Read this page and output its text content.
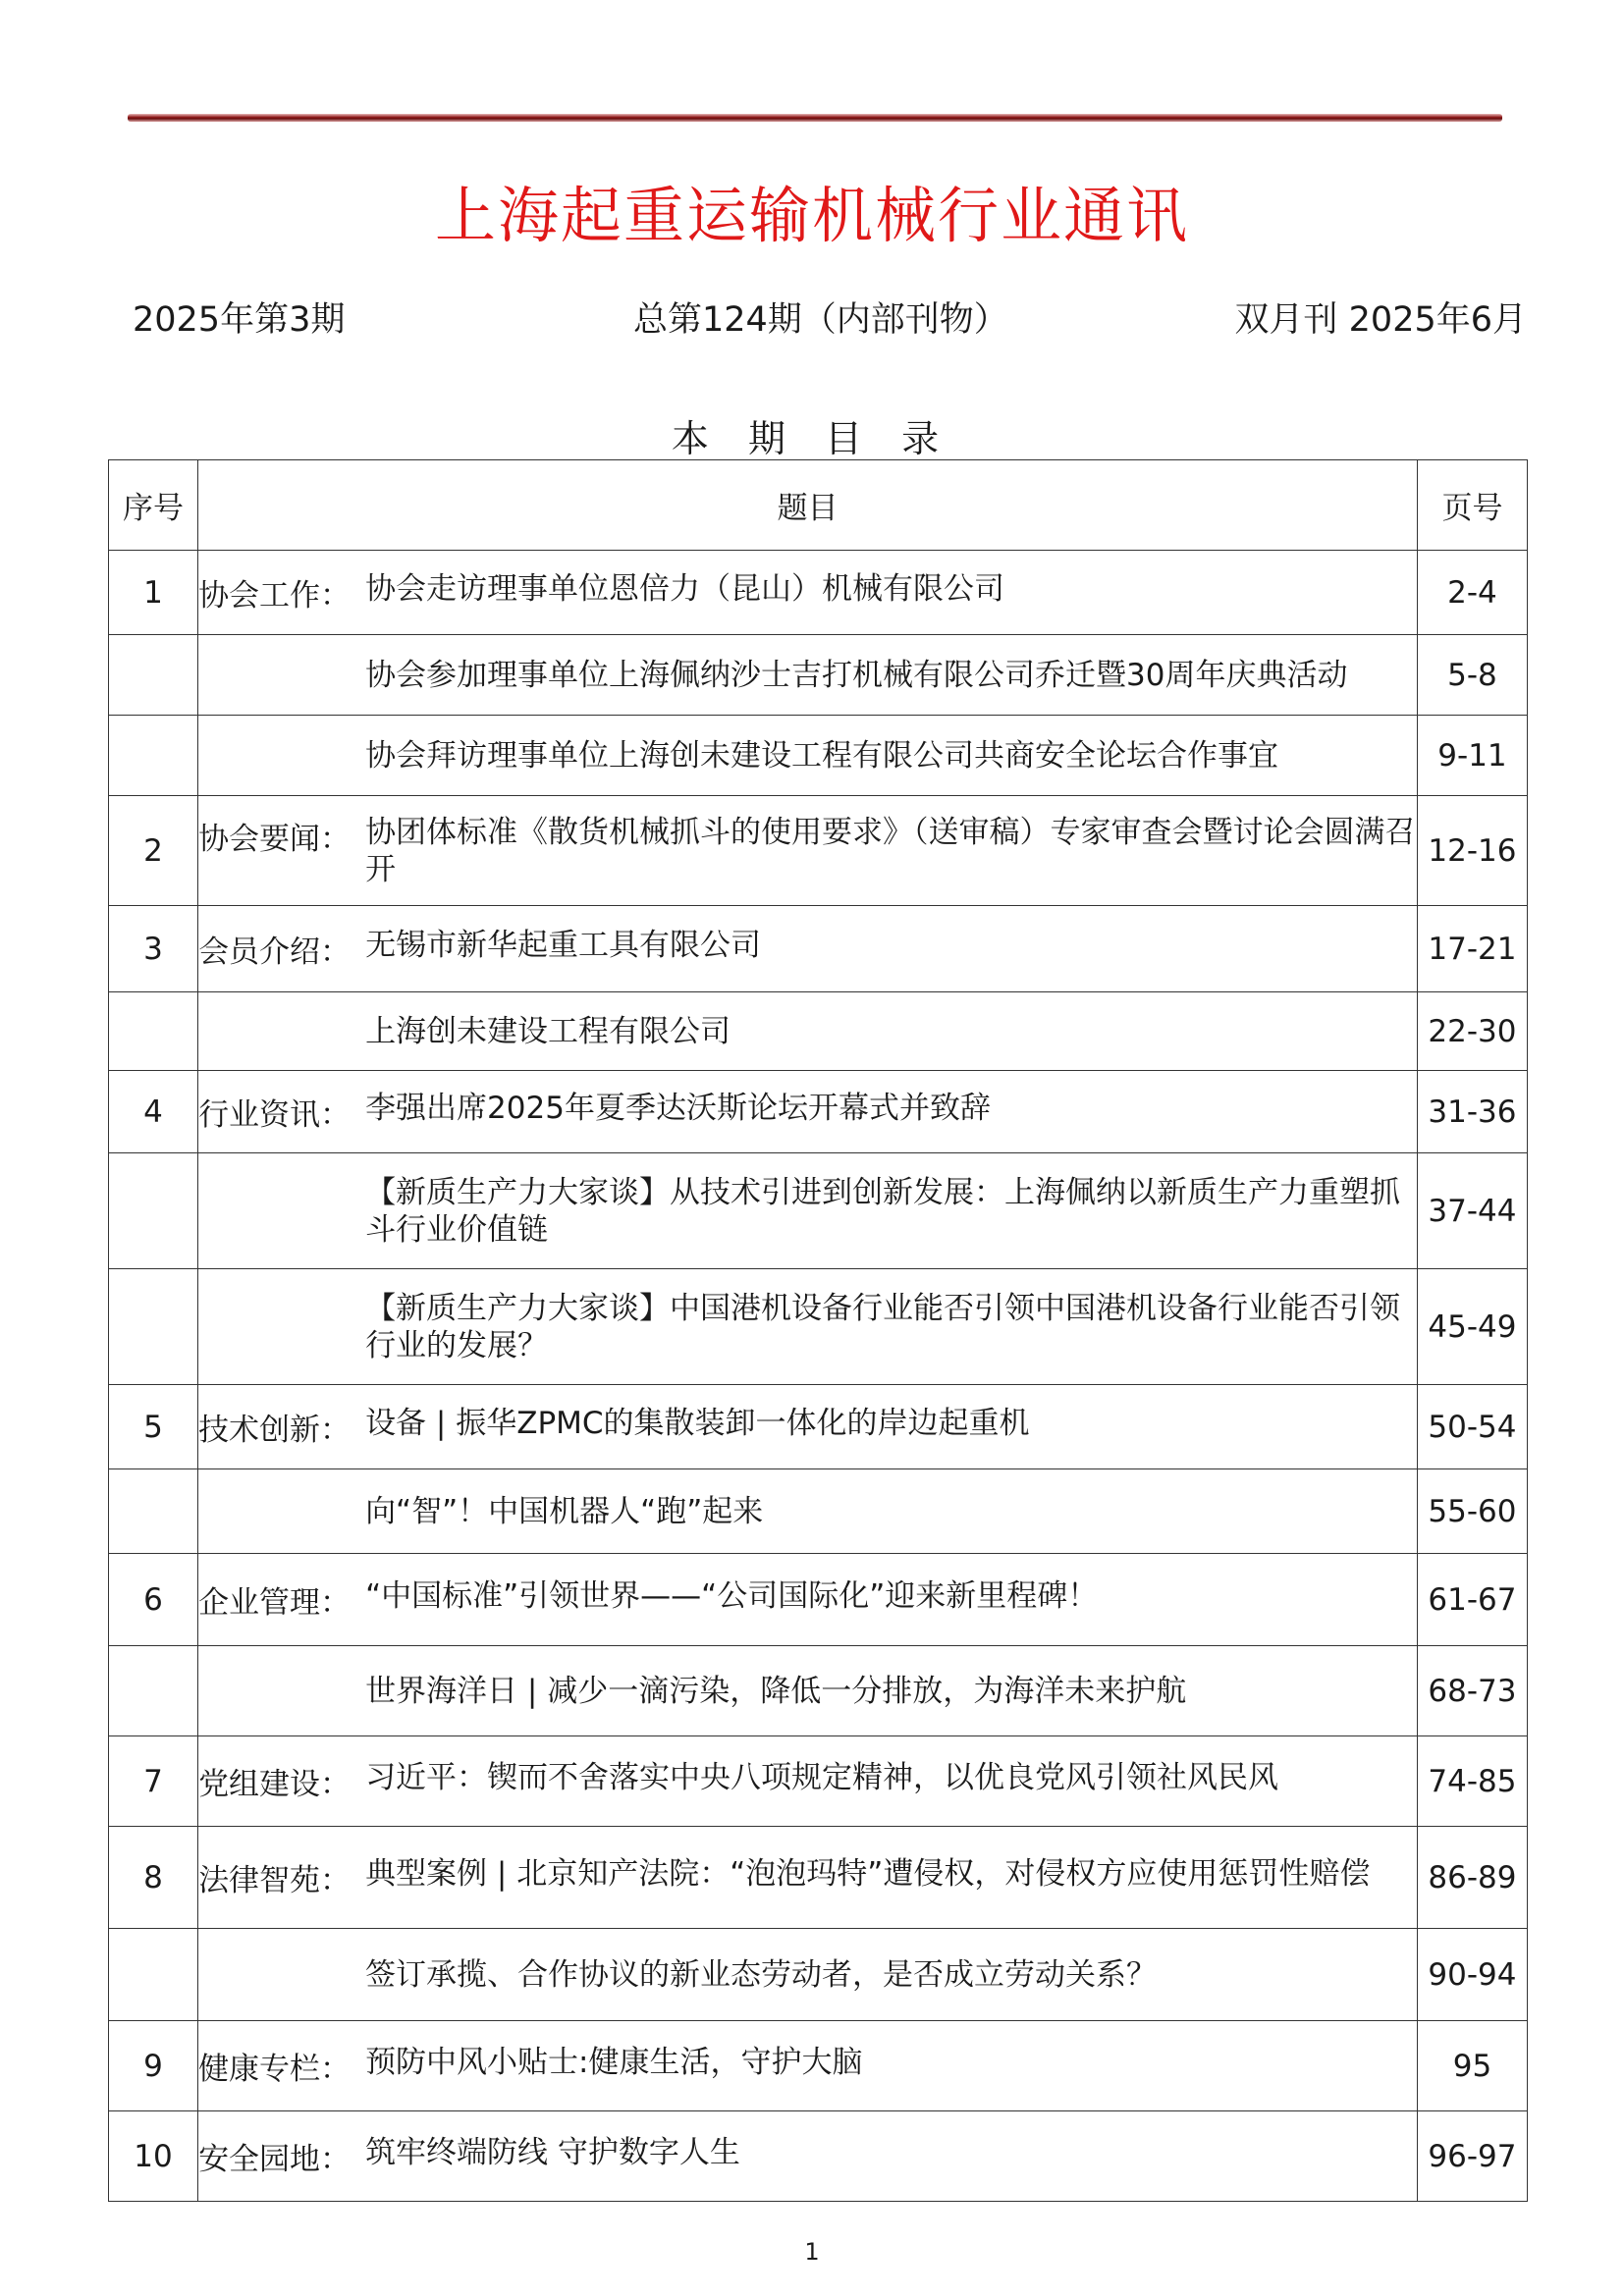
上海起重运输机械行业通讯
2025年第3期	总第124期（内部刊物）	双月刊 2025年6月
本 期 目 录
序号	题目	页号
1	协会工作： 协会走访理事单位恩倍力（昆山）机械有限公司	2-4

	协会参加理事单位上海佩纳沙士吉打机械有限公司乔迁暨30周年庆典活动	5-8

	协会拜访理事单位上海创未建设工程有限公司共商安全论坛合作事宜	9-11
2	协会要闻： 协团体标准《散货机械抓斗的使用要求》（送审稿）专家审查会暨讨论会圆满召开	12-16
3	会员介绍： 无锡市新华起重工具有限公司	17-21

	上海创未建设工程有限公司	22-30
4	行业资讯： 李强出席2025年夏季达沃斯论坛开幕式并致辞	31-36

	【新质生产力大家谈】从技术引进到创新发展：上海佩纳以新质生产力重塑抓斗行业价值链	37-44

	【新质生产力大家谈】中国港机设备行业能否引领中国港机设备行业能否引领行业的发展？	45-49
5	技术创新： 设备 | 振华ZPMC的集散装卸一体化的岸边起重机	50-54

	向“智”！中国机器人“跑”起来	55-60
6	企业管理： “中国标准”引领世界——“公司国际化”迎来新里程碑！	61-67

	世界海洋日 | 减少一滴污染，降低一分排放，为海洋未来护航	68-73
7	党组建设： 习近平：锲而不舍落实中央八项规定精神，以优良党风引领社风民风	74-85
8	法律智苑： 典型案例 | 北京知产法院：“泡泡玛特”遭侵权，对侵权方应使用惩罚性赔偿	86-89

	签订承揽、合作协议的新业态劳动者，是否成立劳动关系？	90-94
9	健康专栏： 预防中风小贴士:健康生活，守护大脑	95
10	安全园地： 筑牢终端防线 守护数字人生	96-97
1
